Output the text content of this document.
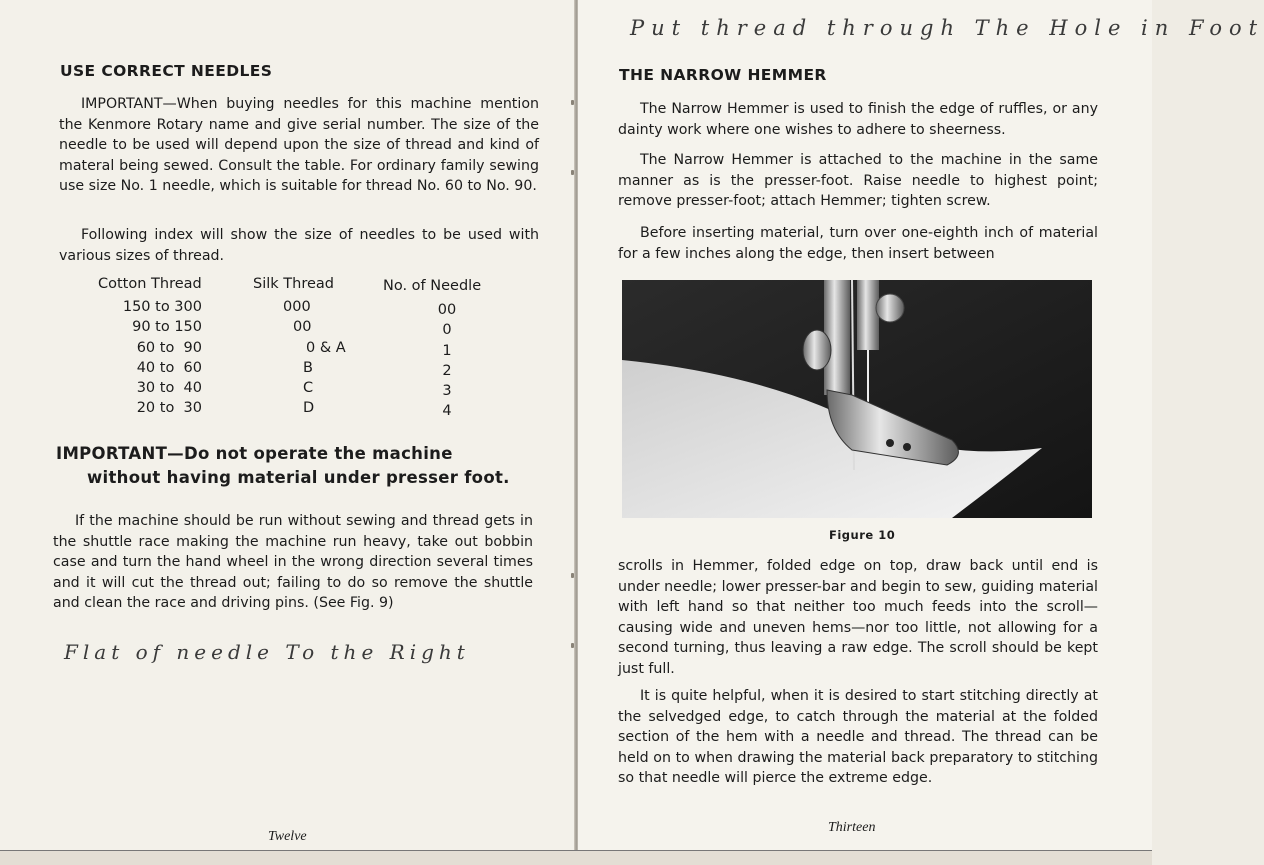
USE CORRECT NEEDLES

IMPORTANT—When buying needles for this machine mention the Kenmore Rotary name and give serial number. The size of the needle to be used will depend upon the size of thread and kind of materal being sewed. Consult the table. For ordinary family sewing use size No. 1 needle, which is suitable for thread No. 60 to No. 90.

Following index will show the size of needles to be used with various sizes of thread.

Cotton Thread	Silk Thread	No. of Needle
150 to 300
90 to 150
60 to  90
40 to  60
30 to  40
20 to  30
000
00
0 & A
B
C
D
00
0
1
2
3
4

IMPORTANT—Do not operate the machine

without having material under presser foot.

If the machine should be run without sewing and thread gets in the shuttle race making the machine run heavy, take out bobbin case and turn the hand wheel in the wrong direction several times and it will cut the thread out; failing to do so remove the shuttle and clean the race and driving pins. (See Fig. 9)

Flat of needle To the Right
Twelve
Put thread through The Hole in Foot
THE NARROW HEMMER

The Narrow Hemmer is used to finish the edge of ruffles, or any dainty work where one wishes to adhere to sheerness.

The Narrow Hemmer is attached to the machine in the same manner as is the presser-foot. Raise needle to highest point; remove presser-foot; attach Hemmer; tighten screw.

Before inserting material, turn over one-eighth inch of material for a few inches along the edge, then insert between

Figure 10

scrolls in Hemmer, folded edge on top, draw back until end is under needle; lower presser-bar and begin to sew, guiding material with left hand so that neither too much feeds into the scroll—causing wide and uneven hems—nor too little, not allowing for a second turning, thus leaving a raw edge. The scroll should be kept just full.

It is quite helpful, when it is desired to start stitching directly at the selvedged edge, to catch through the material at the folded section of the hem with a needle and thread. The thread can be held on to when drawing the material back preparatory to stitching so that needle will pierce the extreme edge.

Thirteen
